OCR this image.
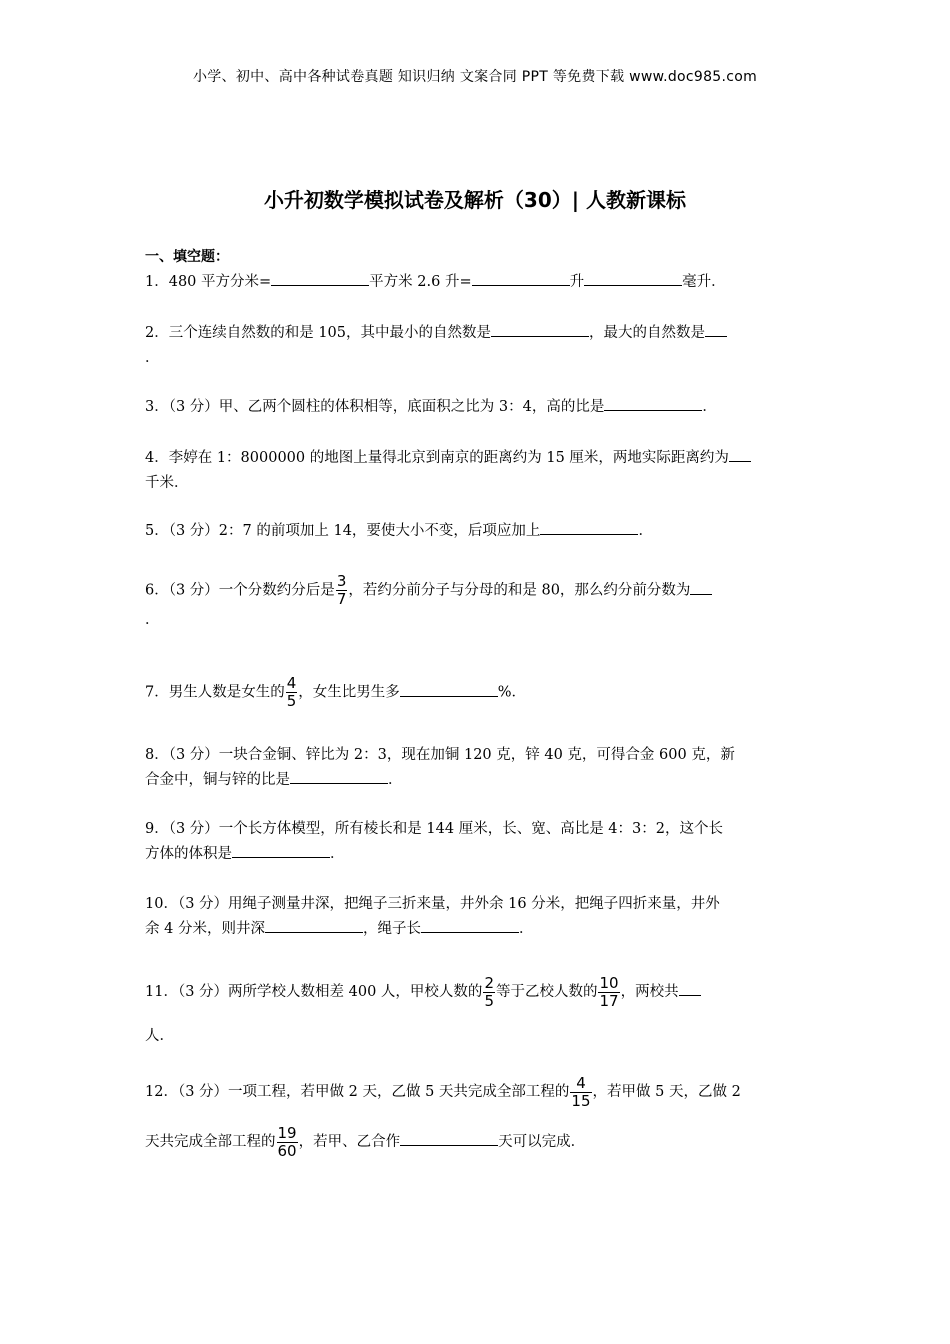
小学、初中、高中各种试卷真题 知识归纳 文案合同 PPT 等免费下载 www.doc985.com
小升初数学模拟试卷及解析（30）| 人教新课标
一、填空题：
1．480 平方分米=	平方米 2.6 升=	升	毫升．
2．三个连续自然数的和是 105，其中最小的自然数是	，最大的自然数是
．
3．（3 分）甲、乙两个圆柱的体积相等，底面积之比为 3：4，高的比是	．
4．李婷在 1：8000000 的地图上量得北京到南京的距离约为 15 厘米，两地实际距离约为
千米．
5．（3 分）2：7 的前项加上 14，要使大小不变，后项应加上	．
6．（3 分）一个分数约分后是 $\frac{3}{7}$ ，若约分前分子与分母的和是 80，那么约分前分数为
．
7．男生人数是女生的 $\frac{4}{5}$ ，女生比男生多	%．
8．（3 分）一块合金铜、锌比为 2：3，现在加铜 120 克，锌 40 克，可得合金 600 克，新
合金中，铜与锌的比是	．
9．（3 分）一个长方体模型，所有棱长和是 144 厘米，长、宽、高比是 4：3：2，这个长
方体的体积是	．
10．（3 分）用绳子测量井深，把绳子三折来量，井外余 16 分米，把绳子四折来量，井外
余 4 分米，则井深	，绳子长	．
11．（3 分）两所学校人数相差 400 人，甲校人数的 $\frac{2}{5}$ 等于乙校人数的 $\frac{10}{17}$ ，两校共
人．
12．（3 分）一项工程，若甲做 2 天，乙做 5 天共完成全部工程的 $\frac{4}{15}$ ，若甲做 5 天，乙做 2
天共完成全部工程的 $\frac{19}{60}$ ，若甲、乙合作	天可以完成．
